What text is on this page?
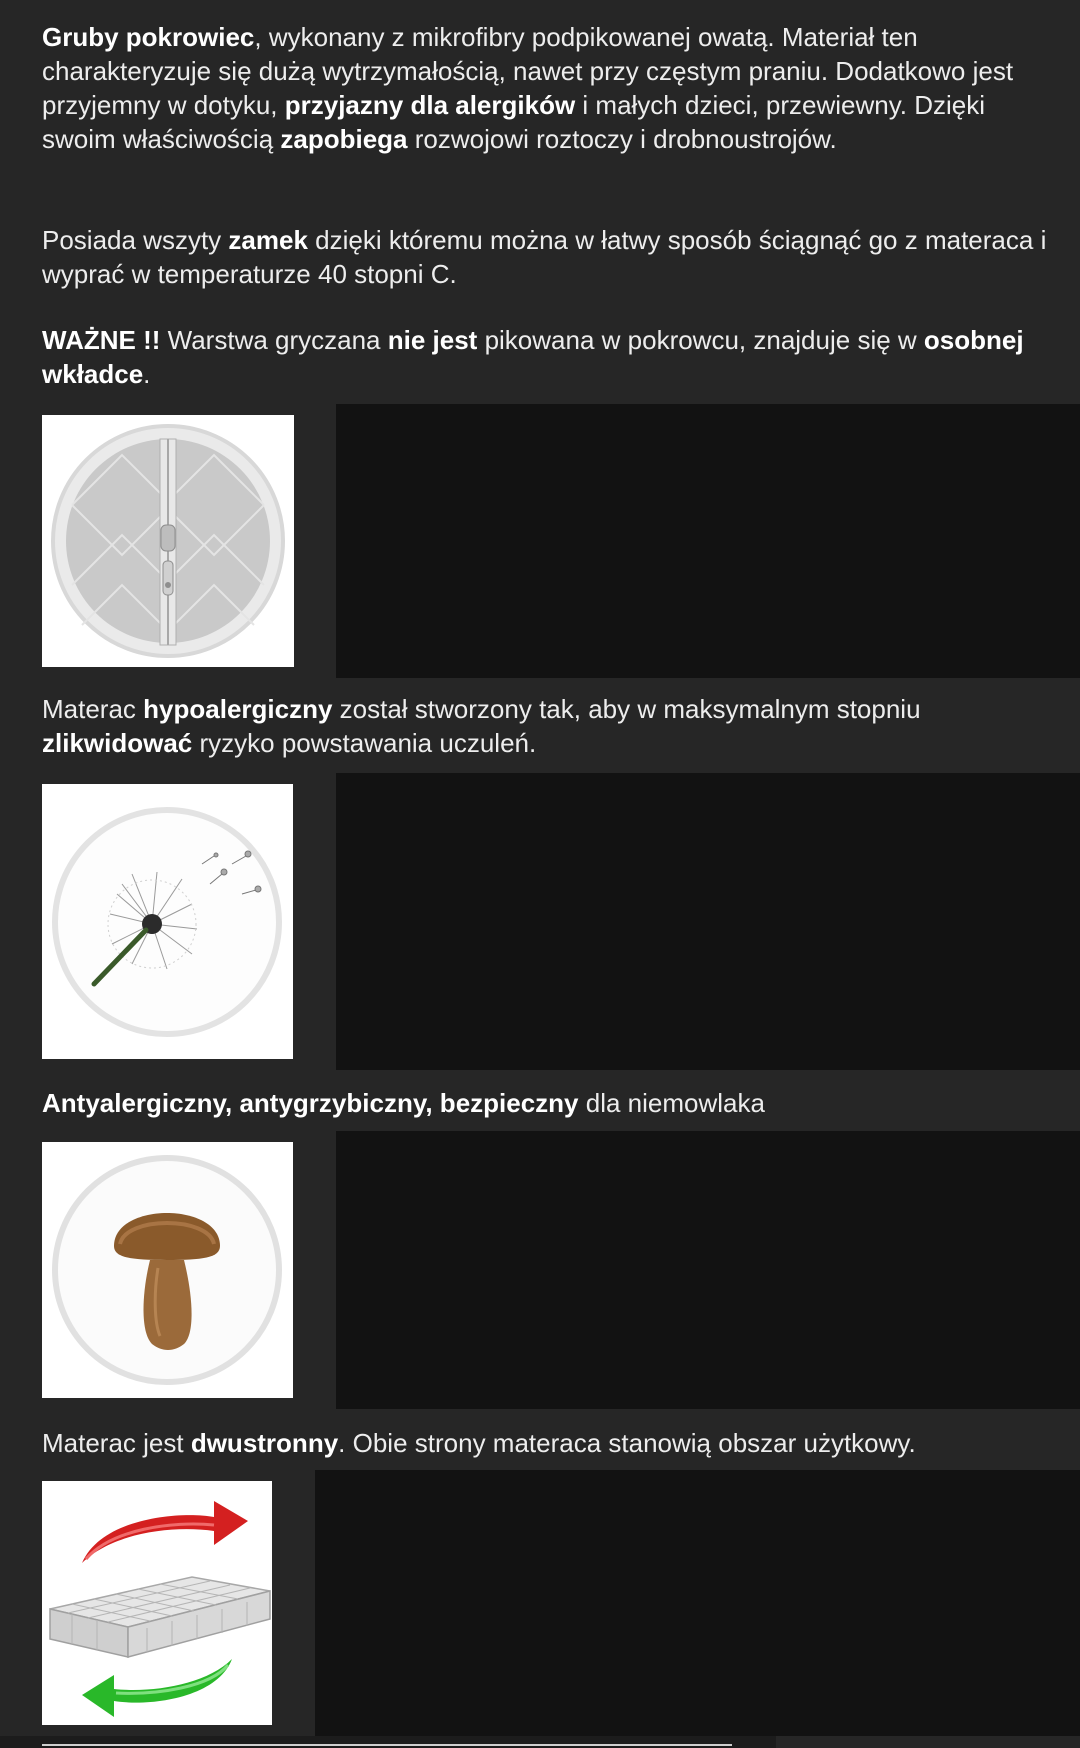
Gruby pokrowiec, wykonany z mikrofibry podpikowanej owatą. Materiał ten charakteryzuje się dużą wytrzymałością, nawet przy częstym praniu. Dodatkowo jest przyjemny w dotyku, przyjazny dla alergików i małych dzieci, przewiewny. Dzięki swoim właściwością zapobiega rozwojowi roztoczy i drobnoustrojów.

Posiada wszyty zamek dzięki któremu można w łatwy sposób ściągnąć go z materaca i wyprać w temperaturze 40 stopni C.

WAŻNE !! Warstwa gryczana nie jest pikowana w pokrowcu, znajduje się w osobnej wkładce.

Materac hypoalergiczny został stworzony tak, aby w maksymalnym stopniu zlikwidować ryzyko powstawania uczuleń.

Antyalergiczny, antygrzybiczny, bezpieczny dla niemowlaka

Materac jest dwustronny. Obie strony materaca stanowią obszar użytkowy.
